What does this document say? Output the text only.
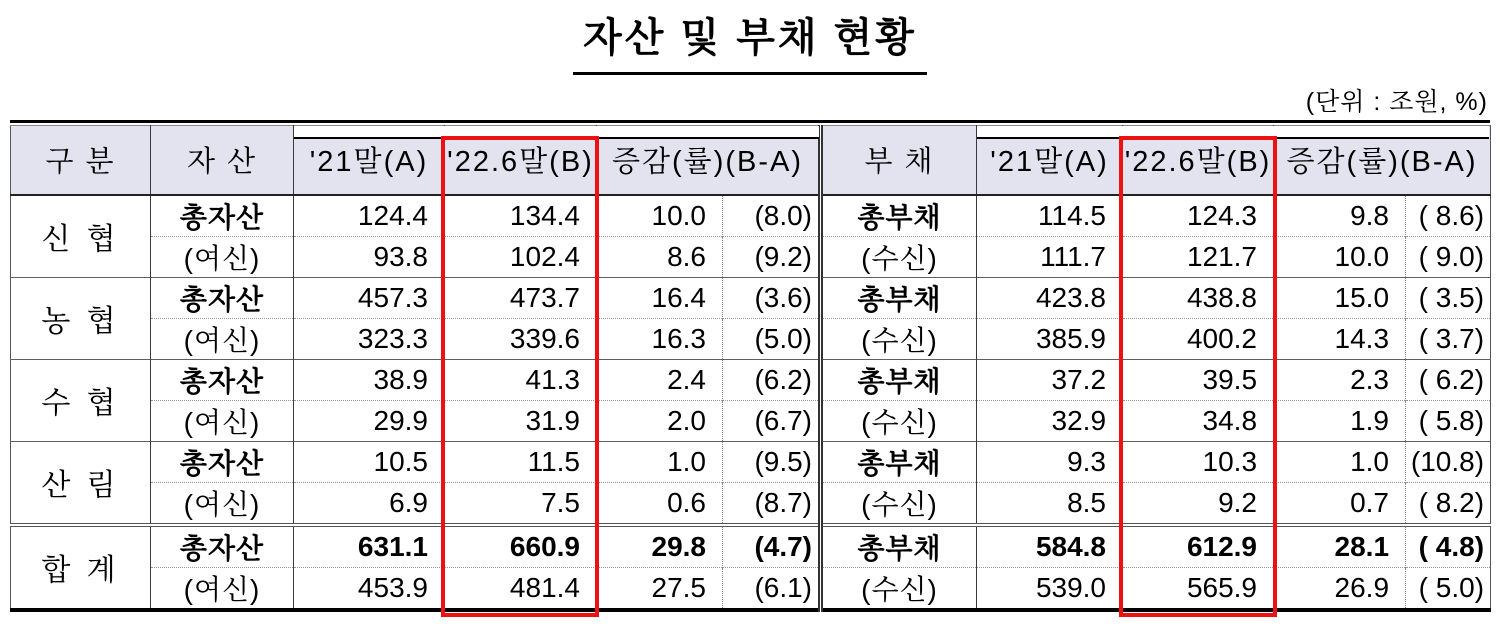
자산 및 부채 현황
(단위 : 조원, %)
구 분	자 산	'21말(A)	'22.6말(B)	증감(률)(B-A)		부 채	'21말(A)	'22.6말(B)	증감(률)(B-A)	
신 협	총자산	124.4	134.4	10.0	(8.0)	총부채	114.5	124.3	9.8	( 8.6)
	(여신)	93.8	102.4	8.6	(9.2)	(수신)	111.7	121.7	10.0	( 9.0)
농 협	총자산	457.3	473.7	16.4	(3.6)	총부채	423.8	438.8	15.0	( 3.5)
	(여신)	323.3	339.6	16.3	(5.0)	(수신)	385.9	400.2	14.3	( 3.7)
수 협	총자산	38.9	41.3	2.4	(6.2)	총부채	37.2	39.5	2.3	( 6.2)
	(여신)	29.9	31.9	2.0	(6.7)	(수신)	32.9	34.8	1.9	( 5.8)
산 림	총자산	10.5	11.5	1.0	(9.5)	총부채	9.3	10.3	1.0	(10.8)
	(여신)	6.9	7.5	0.6	(8.7)	(수신)	8.5	9.2	0.7	( 8.2)
합 계	총자산	631.1	660.9	29.8	(4.7)	총부채	584.8	612.9	28.1	( 4.8)
	(여신)	453.9	481.4	27.5	(6.1)	(수신)	539.0	565.9	26.9	( 5.0)
